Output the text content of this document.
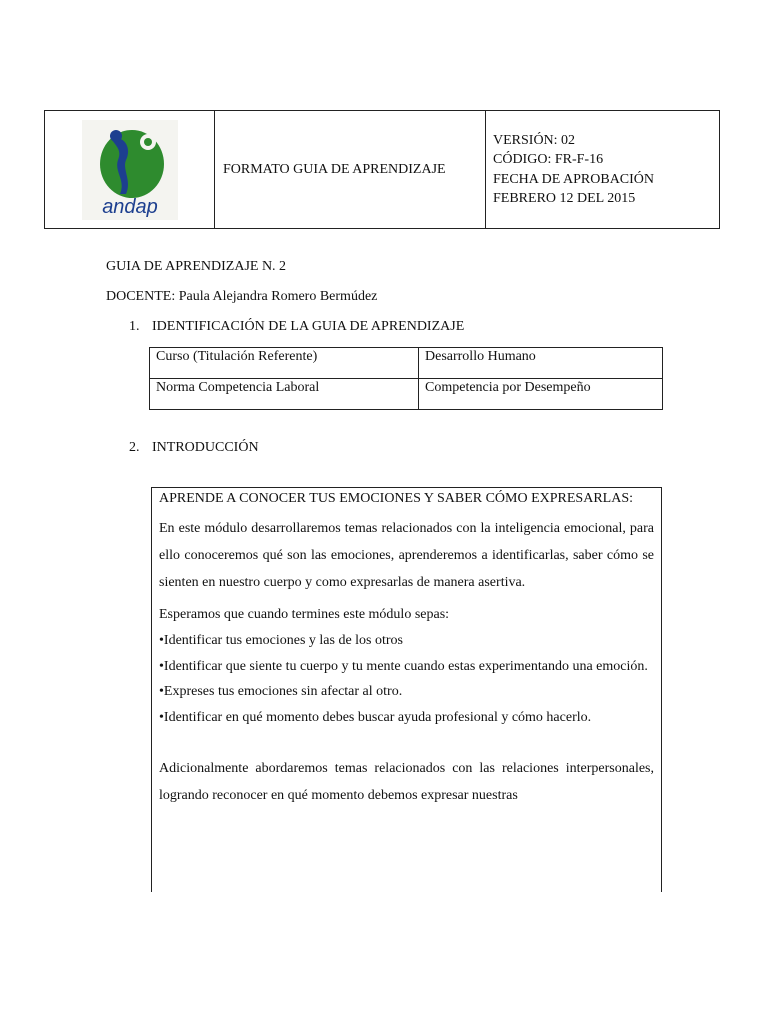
andap
	FORMATO GUIA DE APRENDIZAJE	
VERSIÓN: 02
CÓDIGO: FR-F-16
FECHA DE APROBACIÓN
FEBRERO 12 DEL 2015
GUIA DE APRENDIZAJE N. 2
DOCENTE: Paula Alejandra Romero Bermúdez
1. IDENTIFICACIÓN DE LA GUIA DE APRENDIZAJE
Curso (Titulación Referente)	Desarrollo Humano
Norma Competencia Laboral	Competencia por Desempeño
2. INTRODUCCIÓN
APRENDE A CONOCER TUS EMOCIONES Y SABER CÓMO EXPRESARLAS:

En este módulo desarrollaremos temas relacionados con la inteligencia emocional, para ello conoceremos qué son las emociones, aprenderemos a identificarlas, saber cómo se sienten en nuestro cuerpo y como expresarlas de manera asertiva.

Esperamos que cuando termines este módulo sepas:

•Identificar tus emociones y las de los otros

•Identificar que siente tu cuerpo y tu mente cuando estas experimentando una emoción.

•Expreses tus emociones sin afectar al otro.

•Identificar en qué momento debes buscar ayuda profesional y cómo hacerlo.

Adicionalmente abordaremos temas relacionados con las relaciones interpersonales, logrando reconocer en qué momento debemos expresar nuestras
